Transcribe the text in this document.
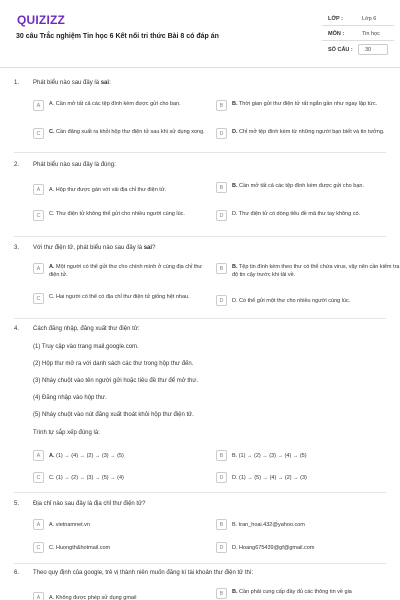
QUIZIZZ
30 câu Trắc nghiệm Tin học 6 Kết nối tri thức Bài 8 có đáp án
LỚP :	Lớp 6
MÔN :	Tin học
SỐ CÂU : 30
1. Phát biểu nào sau đây là sai:
A	A. Cần mở tất cả các tệp đính kèm được gửi cho bạn.	B	B. Thời gian gửi thư điện tử rất ngắn gần như ngay lập tức.
C	C. Cần đăng xuất ra khỏi hộp thư điện tử sau khi sử dụng xong.	D	D. Chỉ mở tệp đính kèm từ những người bạn biết và tin tưởng.
2. Phát biểu nào sau đây là đúng:
A	A. Hộp thư được gán với vải địa chỉ thư điện tử.	B	B. Cần mở tất cả các tệp đính kèm được gửi cho bạn.
C	C. Thư điện tử không thể gửi cho nhiều người cùng lúc.	D	D. Thư điện tử có dòng tiêu đề mã thư tay không có.
3. Với thư điện tử, phát biểu nào sau đây là sai?
A	A. Một người có thể gửi thư cho chính mình ở cùng địa chỉ thư điện tử.
B	B. Tệp tin đính kèm theo thư có thể chứa virus, vậy nên cần kiểm tra độ tin cậy trước khi tải về.
C	C. Hai người có thể có địa chỉ thư điện tử giống hệt nhau.
D	D. Có thể gửi một thư cho nhiều người cùng lúc.
4. Cách đăng nhập, đăng xuất thư điện tử:
(1) Truy cập vào trang mail.google.com.
(2) Hộp thư mở ra với danh sách các thư trong hộp thư đến.
(3) Nháy chuột vào tên người gửi hoặc tiêu đề thư để mở thư.
(4) Đăng nhập vào hộp thư.
(5) Nháy chuột vào nút đăng xuất thoát khỏi hộp thư điện tử.
Trình tự sắp xếp đúng là:
A	A. (1) → (4) → (2) → (3) → (5)	B	B. (1) → (2) → (3) → (4) → (5)
C	C. (1) → (2) → (3) → (5) → (4)	D	D. (1) → (5) → (4) → (2) → (3)
5. Địa chỉ nào sau đây là địa chỉ thư điện tử?
A	A. vietnamnet.vn	B	B. tran_hoai.432@yahoo.com
C	C. Huongth&hotmail.com	D	D. Hoang675439@gf@gmail.com
6. Theo quy định của google, trẻ vị thành niên muốn đăng kí tài khoản thư điện tử thì:
A	A. Không được phép sử dụng gmail
B	B. Cần phải cung cấp đầy đủ các thông tin về gia
